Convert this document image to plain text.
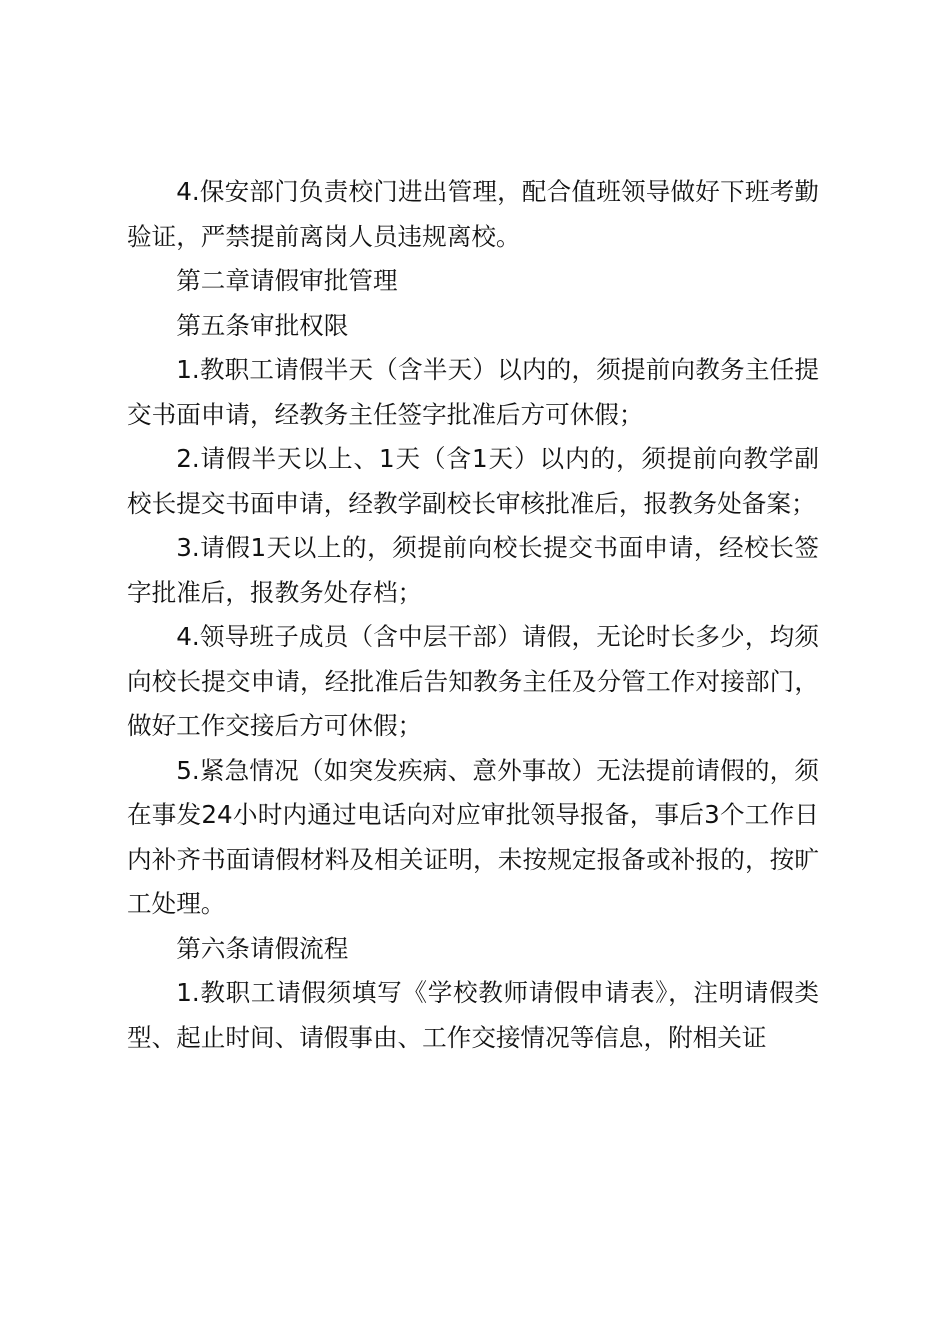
4.保安部门负责校门进出管理，配合值班领导做好下班考勤验证，严禁提前离岗人员违规离校。

第二章请假审批管理

第五条审批权限

1.教职工请假半天（含半天）以内的，须提前向教务主任提交书面申请，经教务主任签字批准后方可休假；

2.请假半天以上、1天（含1天）以内的，须提前向教学副校长提交书面申请，经教学副校长审核批准后，报教务处备案；

3.请假1天以上的，须提前向校长提交书面申请，经校长签字批准后，报教务处存档；

4.领导班子成员（含中层干部）请假，无论时长多少，均须向校长提交申请，经批准后告知教务主任及分管工作对接部门，做好工作交接后方可休假；

5.紧急情况（如突发疾病、意外事故）无法提前请假的，须在事发24小时内通过电话向对应审批领导报备，事后3个工作日内补齐书面请假材料及相关证明，未按规定报备或补报的，按旷工处理。

第六条请假流程

1.教职工请假须填写《学校教师请假申请表》，注明请假类型、起止时间、请假事由、工作交接情况等信息，附相关证
